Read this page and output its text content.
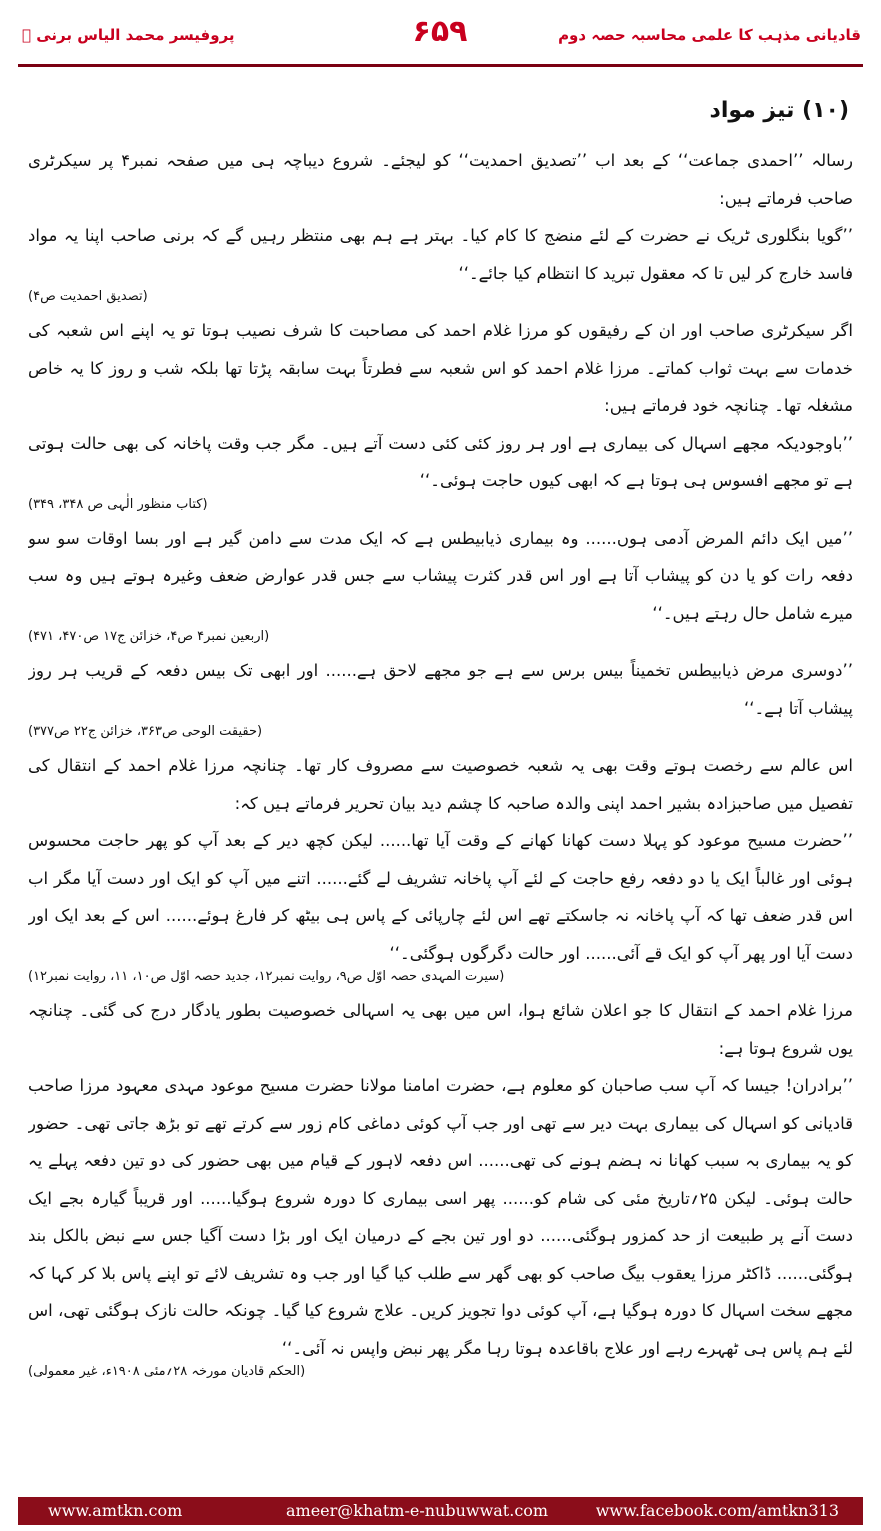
پروفیسر محمد الیاس برنی ﷫	۶۵۹	قادیانی مذہب کا علمی محاسبہ حصہ دوم
(۱۰) تیز مواد

رسالہ ’’احمدی جماعت‘‘ کے بعد اب ’’تصدیق احمدیت‘‘ کو لیجئے۔ شروع دیباچہ ہی میں صفحہ نمبر۴ پر سیکرٹری صاحب فرماتے ہیں:

’’گویا بنگلوری ٹریک نے حضرت کے لئے منضج کا کام کیا۔ بہتر ہے ہم بھی منتظر رہیں گے کہ برنی صاحب اپنا یہ مواد فاسد خارج کر لیں تا کہ معقول تبرید کا انتظام کیا جائے۔‘‘

(تصدیق احمدیت ص۴)

اگر سیکرٹری صاحب اور ان کے رفیقوں کو مرزا غلام احمد کی مصاحبت کا شرف نصیب ہوتا تو یہ اپنے اس شعبہ کی خدمات سے بہت ثواب کماتے۔ مرزا غلام احمد کو اس شعبہ سے فطرتاً بہت سابقہ پڑتا تھا بلکہ شب و روز کا یہ خاص مشغلہ تھا۔ چنانچہ خود فرماتے ہیں:

’’باوجودیکہ مجھے اسہال کی بیماری ہے اور ہر روز کئی کئی دست آتے ہیں۔ مگر جب وقت پاخانہ کی بھی حالت ہوتی ہے تو مجھے افسوس ہی ہوتا ہے کہ ابھی کیوں حاجت ہوئی۔‘‘

(کتاب منظور الٰہی ص ۳۴۸، ۳۴۹)

’’میں ایک دائم المرض آدمی ہوں...... وہ بیماری ذیابیطس ہے کہ ایک مدت سے دامن گیر ہے اور بسا اوقات سو سو دفعہ رات کو یا دن کو پیشاب آتا ہے اور اس قدر کثرت پیشاب سے جس قدر عوارض ضعف وغیرہ ہوتے ہیں وہ سب میرے شامل حال رہتے ہیں۔‘‘

(اربعین نمبر۴ ص۴، خزائن ج۱۷ ص۴۷۰، ۴۷۱)

’’دوسری مرض ذیابیطس تخمیناً بیس برس سے ہے جو مجھے لاحق ہے...... اور ابھی تک بیس دفعہ کے قریب ہر روز پیشاب آتا ہے۔‘‘

(حقیقت الوحی ص۳۶۳، خزائن ج۲۲ ص۳۷۷)

اس عالم سے رخصت ہوتے وقت بھی یہ شعبہ خصوصیت سے مصروف کار تھا۔ چنانچہ مرزا غلام احمد کے انتقال کی تفصیل میں صاحبزادہ بشیر احمد اپنی والدہ صاحبہ کا چشم دید بیان تحریر فرماتے ہیں کہ:

’’حضرت مسیح موعود کو پہلا دست کھانا کھانے کے وقت آیا تھا...... لیکن کچھ دیر کے بعد آپ کو پھر حاجت محسوس ہوئی اور غالباً ایک یا دو دفعہ رفع حاجت کے لئے آپ پاخانہ تشریف لے گئے...... اتنے میں آپ کو ایک اور دست آیا مگر اب اس قدر ضعف تھا کہ آپ پاخانہ نہ جاسکتے تھے اس لئے چارپائی کے پاس ہی بیٹھ کر فارغ ہوئے...... اس کے بعد ایک اور دست آیا اور پھر آپ کو ایک قے آئی...... اور حالت دگرگوں ہوگئی۔‘‘

(سیرت المہدی حصہ اوّل ص۹، روایت نمبر۱۲، جدید حصہ اوّل ص۱۰، ۱۱، روایت نمبر۱۲)

مرزا غلام احمد کے انتقال کا جو اعلان شائع ہوا، اس میں بھی یہ اسہالی خصوصیت بطور یادگار درج کی گئی۔ چنانچہ یوں شروع ہوتا ہے:

’’برادران! جیسا کہ آپ سب صاحبان کو معلوم ہے، حضرت امامنا مولانا حضرت مسیح موعود مہدی معہود مرزا صاحب قادیانی کو اسہال کی بیماری بہت دیر سے تھی اور جب آپ کوئی دماغی کام زور سے کرتے تھے تو بڑھ جاتی تھی۔ حضور کو یہ بیماری بہ سبب کھانا نہ ہضم ہونے کی تھی...... اس دفعہ لاہور کے قیام میں بھی حضور کی دو تین دفعہ پہلے یہ حالت ہوئی۔ لیکن ۲۵؍تاریخ مئی کی شام کو...... پھر اسی بیماری کا دورہ شروع ہوگیا...... اور قریباً گیارہ بجے ایک دست آنے پر طبیعت از حد کمزور ہوگئی...... دو اور تین بجے کے درمیان ایک اور بڑا دست آگیا جس سے نبض بالکل بند ہوگئی...... ڈاکٹر مرزا یعقوب بیگ صاحب کو بھی گھر سے طلب کیا گیا اور جب وہ تشریف لائے تو اپنے پاس بلا کر کہا کہ مجھے سخت اسہال کا دورہ ہوگیا ہے، آپ کوئی دوا تجویز کریں۔ علاج شروع کیا گیا۔ چونکہ حالت نازک ہوگئی تھی، اس لئے ہم پاس ہی ٹھہرے رہے اور علاج باقاعدہ ہوتا رہا مگر پھر نبض واپس نہ آئی۔‘‘

(الحکم قادیان مورخہ ۲۸؍مئی ۱۹۰۸ء، غیر معمولی)
www.amtkn.com	ameer@khatm-e-nubuwwat.com	www.facebook.com/amtkn313
